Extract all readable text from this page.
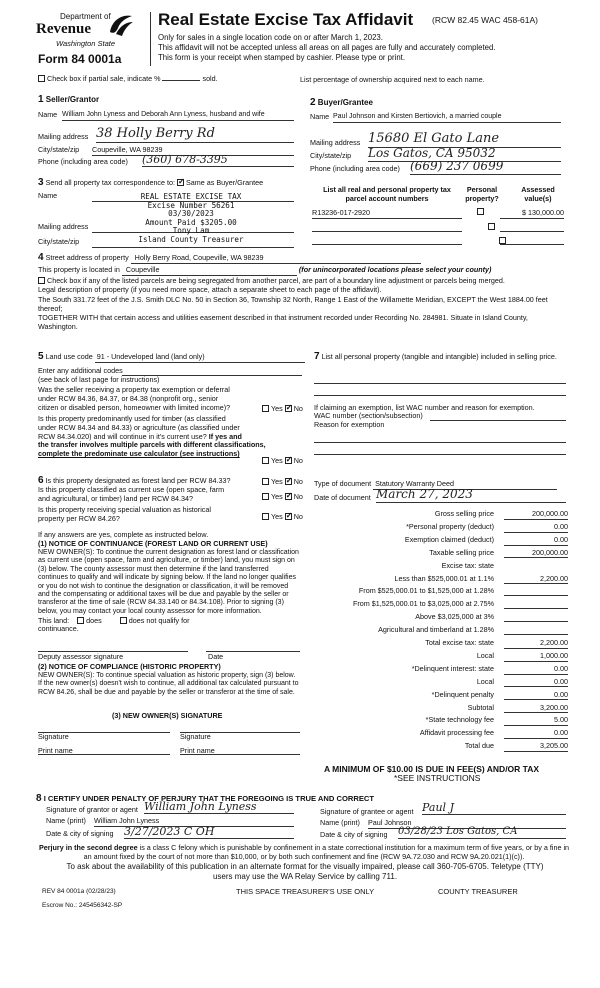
Department of
Revenue
Washington State
Form 84 0001a
Real Estate Excise Tax Affidavit (RCW 82.45 WAC 458-61A)
Only for sales in a single location code on or after March 1, 2023.
This affidavit will not be accepted unless all areas on all pages are fully and accurately completed.
This form is your receipt when stamped by cashier. Please type or print.
Check box if partial sale, indicate %	sold.	List percentage of ownership acquired next to each name.
1 Seller/Grantor
Name William John Lyness and Deborah Ann Lyness, husband and wife
Mailing address 38 Holly Berry Rd
City/state/zip Coupeville, WA 98239
Phone (including area code) (360) 678-3395
2 Buyer/Grantee
Name Paul Johnson and Kirsten Bertiovich, a married couple
Mailing address 15680 El Gato Lane
City/state/zip Los Gatos, CA 95032
Phone (including area code) (669) 237 0699
3 Send all property tax correspondence to: ✓ Same as Buyer/Grantee
Name
Mailing address
City/state/zip
REAL ESTATE EXCISE TAX
Excise Number 56261
03/30/2023
Amount Paid $3205.00
Tony Lam
Island County Treasurer
List all real and personal property tax
parcel account numbers
Personal
property?
Assessed
value(s)
R13236-017-2920
	$ 130,000.00
4 Street address of property Holly Berry Road, Coupeville, WA 98239
This property is located in Coupeville	(for unincorporated locations please select your county)
Check box if any of the listed parcels are being segregated from another parcel, are part of a boundary line adjustment or parcels being merged.
Legal description of property (if you need more space, attach a separate sheet to each page of the affidavit).
The South 331.72 feet of the J.S. Smith DLC No. 50 in Section 36, Township 32 North, Range 1 East of the Willamette Meridian, EXCEPT the West 1884.00 feet thereof;
TOGETHER WITH that certain access and utilities easement described in that instrument recorded under Recording No. 284981. Situate in Island County, Washington.
5 Land use code 91 - Undeveloped land (land only)
Enter any additional codes
(see back of last page for instructions)
Was the seller receiving a property tax exemption or deferral
under RCW 84.36, 84.37, or 84.38 (nonprofit org., senior
citizen or disabled person, homeowner with limited income)?	Yes ✓ No
Is this property predominantly used for timber (as classified
under RCW 84.34 and 84.33) or agriculture (as classified under
RCW 84.34.020) and will continue in it's current use? If yes and
the transfer involves multiple parcels with different classifications,
complete the predominate use calculator (see instructions)
Yes ✓ No
7 List all personal property (tangible and intangible) included in selling price.
If claiming an exemption, list WAC number and reason for exemption.
WAC number (section/subsection)
Reason for exemption
6 Is this property designated as forest land per RCW 84.33?	Yes ✓ No
Is this property classified as current use (open space, farm
and agricultural, or timber) land per RCW 84.34?	Yes ✓ No
Is this property receiving special valuation as historical
property per RCW 84.26?	Yes ✓ No
If any answers are yes, complete as instructed below.
(1) NOTICE OF CONTINUANCE (FOREST LAND OR CURRENT USE)
NEW OWNER(S): To continue the current designation as forest land or classification as current use (open space, farm and agriculture, or timber) land, you must sign on (3) below. The county assessor must then determine if the land transferred continues to qualify and will indicate by signing below. If the land no longer qualifies or you do not wish to continue the designation or classification, it will be removed and the compensating or additional taxes will be due and payable by the seller or transferor at the time of sale (RCW 84.33.140 or 84.34.108). Prior to signing (3) below, you may contact your local county assessor for more information.
This land: does	does not qualify for
continuance.
Deputy assessor signature	Date
(2) NOTICE OF COMPLIANCE (HISTORIC PROPERTY)
NEW OWNER(S): To continue special valuation as historic property, sign (3) below. If the new owner(s) doesn't wish to continue, all additional tax calculated pursuant to RCW 84.26, shall be due and payable by the seller or transferor at the time of sale.
(3) NEW OWNER(S) SIGNATURE
Signature	Signature
Print name	Print name
Type of document Statutory Warranty Deed
Date of document March 27, 2023
Gross selling price	200,000.00
*Personal property (deduct)	0.00
Exemption claimed (deduct)	0.00
Taxable selling price	200,000.00
Excise tax: state
Less than $525,000.01 at 1.1%	2,200.00
From $525,000.01 to $1,525,000 at 1.28%
From $1,525,000.01 to $3,025,000 at 2.75%
Above $3,025,000 at 3%
Agricultural and timberland at 1.28%
Total excise tax: state	2,200.00
Local	1,000.00
*Delinquent interest: state	0.00
Local	0.00
*Delinquent penalty	0.00
Subtotal	3,200.00
*State technology fee	5.00
Affidavit processing fee	0.00
Total due	3,205.00
A MINIMUM OF $10.00 IS DUE IN FEE(S) AND/OR TAX
*SEE INSTRUCTIONS
8 I CERTIFY UNDER PENALTY OF PERJURY THAT THE FOREGOING IS TRUE AND CORRECT
Signature of grantor or agent William John Lyness
Name (print) William John Lyness
Date & city of signing 3/27/2023 C OH
Signature of grantee or agent Paul J
Name (print) Paul Johnson
Date & city of signing 03/28/23 Los Gatos, CA
Perjury in the second degree is a class C felony which is punishable by confinement in a state correctional institution for a maximum term of five years, or by a fine in an amount fixed by the court of not more than $10,000, or by both such confinement and fine (RCW 9A.72.030 and RCW 9A.20.021(1)(c)).
To ask about the availability of this publication in an alternate format for the visually impaired, please call 360-705-6705. Teletype (TTY) users may use the WA Relay Service by calling 711.
REV 84 0001a (02/28/23)	THIS SPACE TREASURER'S USE ONLY	COUNTY TREASURER
Escrow No.: 245456342-SP
